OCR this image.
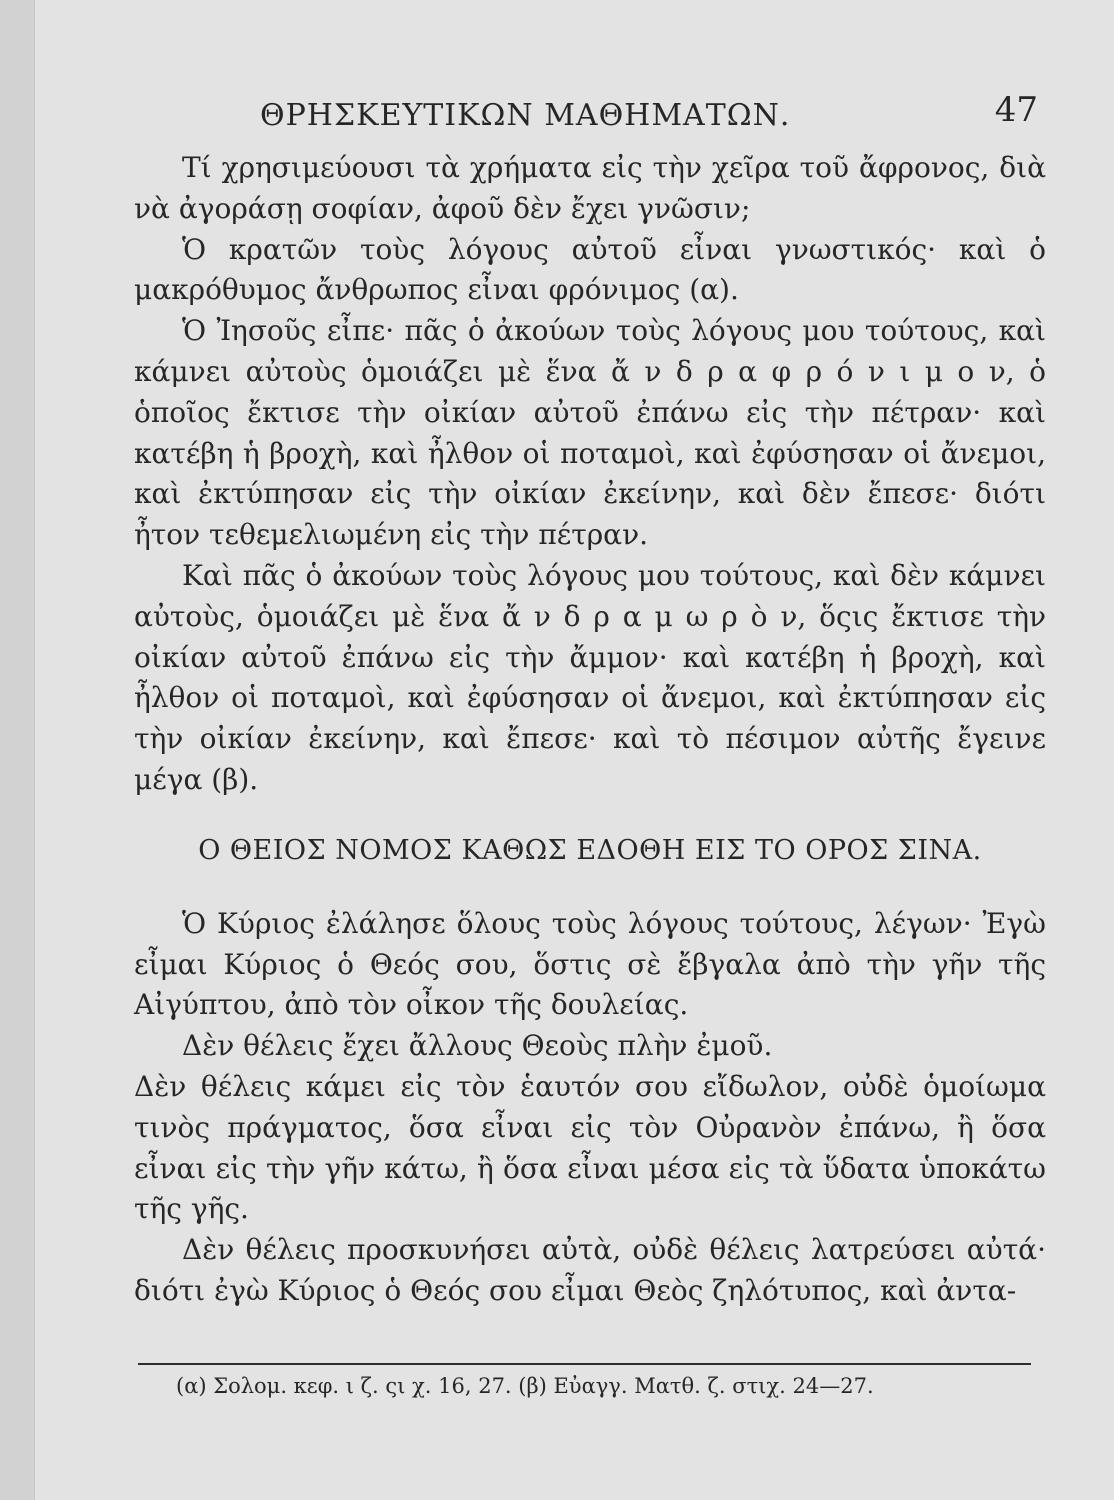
ΘΡΗΣΚΕΥΤΙΚΩΝ ΜΑΘΗΜΑΤΩΝ.	47

Τί χρησιμεύουσι τὰ χρήματα εἰς τὴν χεῖρα τοῦ ἄφρονος, διὰ νὰ ἀγοράσῃ σοφίαν, ἀφοῦ δὲν ἔχει γνῶσιν;

Ὁ κρατῶν τοὺς λόγους αὐτοῦ εἶναι γνωστικός· καὶ ὁ μακρόθυμος ἄνθρωπος εἶναι φρόνιμος (α).

Ὁ Ἰησοῦς εἶπε· πᾶς ὁ ἀκούων τοὺς λόγους μου τούτους, καὶ κάμνει αὐτοὺς ὁμοιάζει μὲ ἕνα ἄ ν δ ρ α φ ρ ό ν ι μ ο ν, ὁ ὁποῖος ἔκτισε τὴν οἰκίαν αὐτοῦ ἐπάνω εἰς τὴν πέτραν· καὶ κατέβη ἡ βροχὴ, καὶ ἦλθον οἱ ποταμοὶ, καὶ ἐφύσησαν οἱ ἄνεμοι, καὶ ἐκτύπησαν εἰς τὴν οἰκίαν ἐκείνην, καὶ δὲν ἔπεσε· διότι ἦτον τεθεμελιωμένη εἰς τὴν πέτραν.

Καὶ πᾶς ὁ ἀκούων τοὺς λόγους μου τούτους, καὶ δὲν κάμνει αὐτοὺς, ὁμοιάζει μὲ ἕνα ἄ ν δ ρ α μ ω ρ ὸ ν, ὅςις ἔκτισε τὴν οἰκίαν αὐτοῦ ἐπάνω εἰς τὴν ἄμμον· καὶ κατέβη ἡ βροχὴ, καὶ ἦλθον οἱ ποταμοὶ, καὶ ἐφύσησαν οἱ ἄνεμοι, καὶ ἐκτύπησαν εἰς τὴν οἰκίαν ἐκείνην, καὶ ἔπεσε· καὶ τὸ πέσιμον αὐτῆς ἔγεινε μέγα (β).

Ο ΘΕΙΟΣ ΝΟΜΟΣ ΚΑΘΩΣ ΕΔΟΘΗ ΕΙΣ ΤΟ ΟΡΟΣ ΣΙΝΑ.

Ὁ Κύριος ἐλάλησε ὅλους τοὺς λόγους τούτους, λέγων· Ἐγὼ εἶμαι Κύριος ὁ Θεός σου, ὅστις σὲ ἔβγαλα ἀπὸ τὴν γῆν τῆς Αἰγύπτου, ἀπὸ τὸν οἶκον τῆς δουλείας.

Δὲν θέλεις ἔχει ἄλλους Θεοὺς πλὴν ἐμοῦ.

Δὲν θέλεις κάμει εἰς τὸν ἑαυτόν σου εἴδωλον, οὐδὲ ὁμοίωμα τινὸς πράγματος, ὅσα εἶναι εἰς τὸν Οὐρανὸν ἐπάνω, ἢ ὅσα εἶναι εἰς τὴν γῆν κάτω, ἢ ὅσα εἶναι μέσα εἰς τὰ ὕδατα ὑποκάτω τῆς γῆς.

Δὲν θέλεις προσκυνήσει αὐτὰ, οὐδὲ θέλεις λατρεύσει αὐτά· διότι ἐγὼ Κύριος ὁ Θεός σου εἶμαι Θεὸς ζηλότυπος, καὶ ἀντα-

(α) Σολομ. κεφ. ι ζ. ςι χ. 16, 27. (β) Εὐαγγ. Ματθ. ζ. στιχ. 24—27.
